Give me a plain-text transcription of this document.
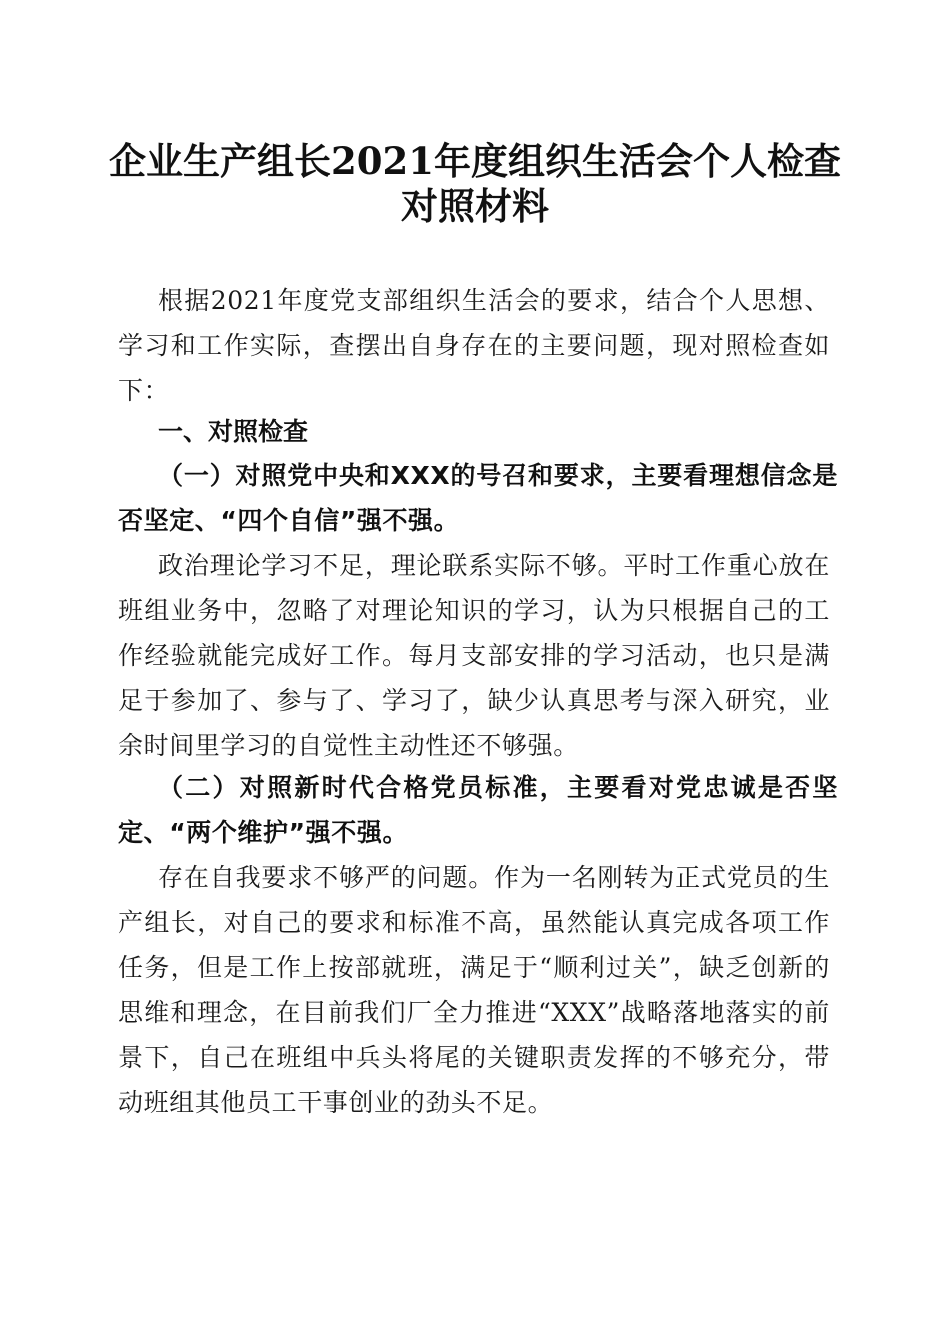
企业生产组长2021年度组织生活会个人检查
对照材料

根据2021年度党支部组织生活会的要求，结合个人思想、学习和工作实际，查摆出自身存在的主要问题，现对照检查如下：

一、对照检查
（一）对照党中央和XXX的号召和要求，主要看理想信念是否坚定、“四个自信”强不强。

政治理论学习不足，理论联系实际不够。平时工作重心放在班组业务中，忽略了对理论知识的学习，认为只根据自己的工作经验就能完成好工作。每月支部安排的学习活动，也只是满足于参加了、参与了、学习了，缺少认真思考与深入研究，业余时间里学习的自觉性主动性还不够强。

（二）对照新时代合格党员标准，主要看对党忠诚是否坚定、“两个维护”强不强。

存在自我要求不够严的问题。作为一名刚转为正式党员的生产组长，对自己的要求和标准不高，虽然能认真完成各项工作任务，但是工作上按部就班，满足于“顺利过关”，缺乏创新的思维和理念，在目前我们厂全力推进“XXX”战略落地落实的前景下，自己在班组中兵头将尾的关键职责发挥的不够充分，带动班组其他员工干事创业的劲头不足。
